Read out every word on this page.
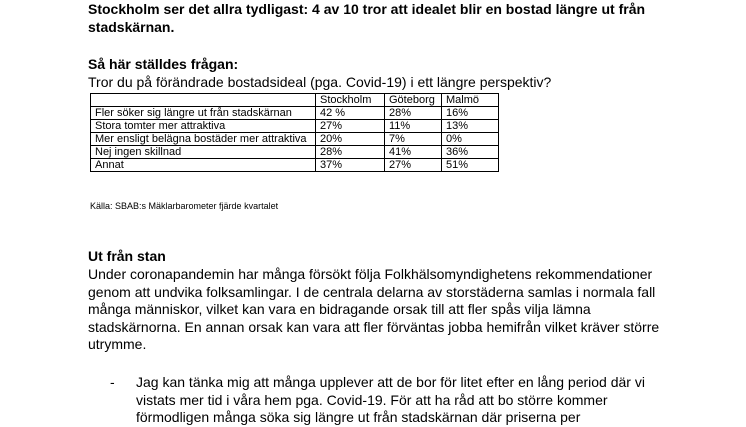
Stockholm ser det allra tydligast: 4 av 10 tror att idealet blir en bostad längre ut från stadskärnan.
Så här ställdes frågan:
Tror du på förändrade bostadsideal (pga. Covid-19) i ett längre perspektiv?
	Stockholm	Göteborg	Malmö
Fler söker sig längre ut från stadskärnan	42 %	28%	16%
Stora tomter mer attraktiva	27%	11%	13%
Mer ensligt belägna bostäder mer attraktiva	20%	7%	0%
Nej ingen skillnad	28%	41%	36%
Annat	37%	27%	51%
Källa: SBAB:s Mäklarbarometer fjärde kvartalet
Ut från stan
Under coronapandemin har många försökt följa Folkhälsomyndighetens rekommendationer genom att undvika folksamlingar. I de centrala delarna av storstäderna samlas i normala fall många människor, vilket kan vara en bidragande orsak till att fler spås vilja lämna stadskärnorna. En annan orsak kan vara att fler förväntas jobba hemifrån vilket kräver större utrymme.
- Jag kan tänka mig att många upplever att de bor för litet efter en lång period där vi vistats mer tid i våra hem pga. Covid-19. För att ha råd att bo större kommer förmodligen många söka sig längre ut från stadskärnan där priserna per
